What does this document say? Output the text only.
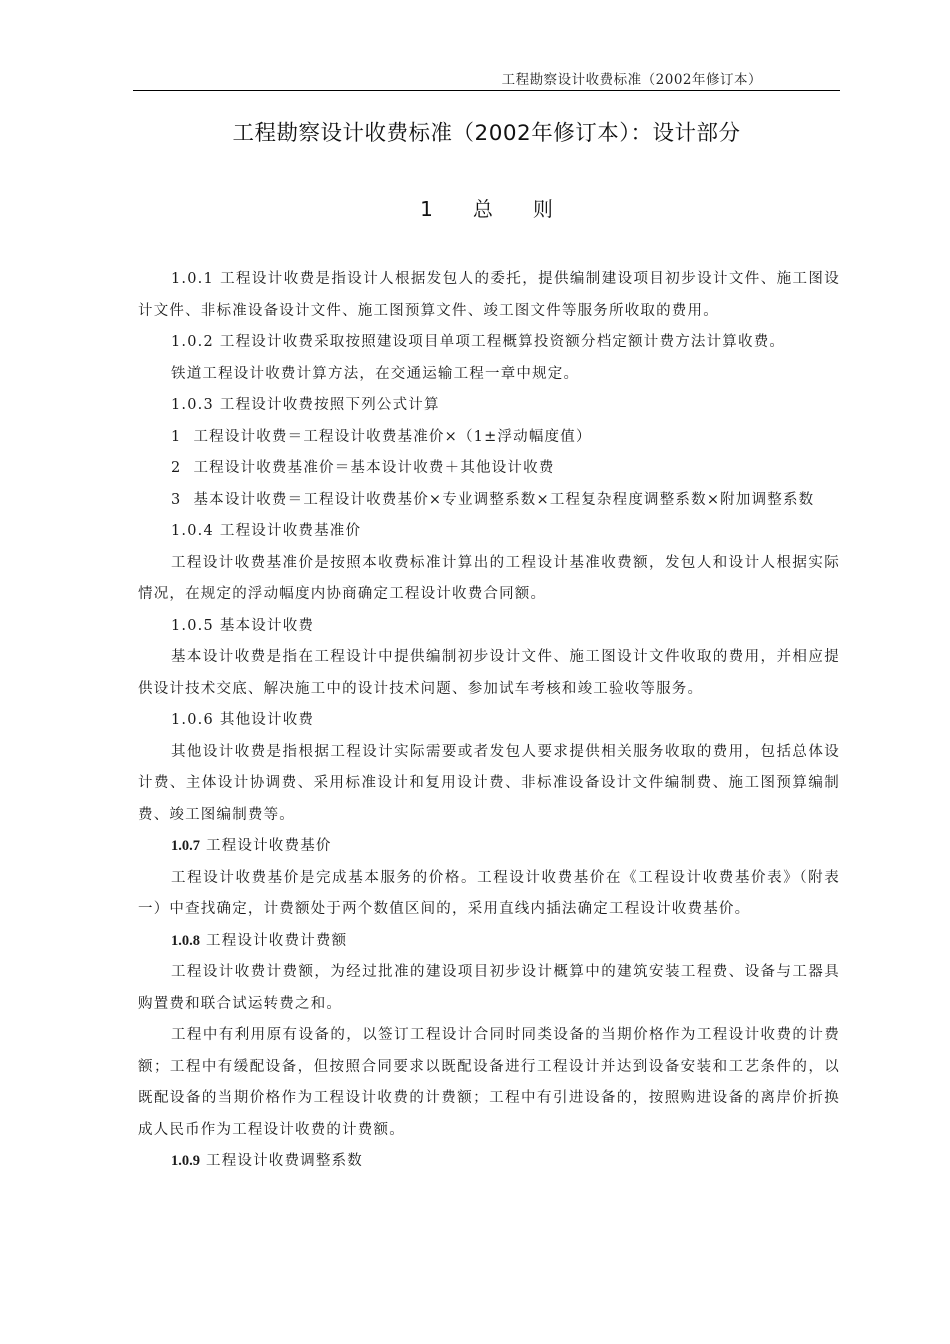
工程勘察设计收费标准（2002年修订本）
工程勘察设计收费标准（2002年修订本）：设计部分
1　　 总　　则

1.0.1 工程设计收费是指设计人根据发包人的委托，提供编制建设项目初步设计文件、施工图设计文件、非标准设备设计文件、施工图预算文件、竣工图文件等服务所收取的费用。

1.0.2 工程设计收费采取按照建设项目单项工程概算投资额分档定额计费方法计算收费。

铁道工程设计收费计算方法，在交通运输工程一章中规定。

1.0.3 工程设计收费按照下列公式计算

1 工程设计收费＝工程设计收费基准价×（1±浮动幅度值）

2 工程设计收费基准价＝基本设计收费＋其他设计收费

3 基本设计收费＝工程设计收费基价×专业调整系数×工程复杂程度调整系数×附加调整系数

1.0.4 工程设计收费基准价

工程设计收费基准价是按照本收费标准计算出的工程设计基准收费额，发包人和设计人根据实际情况，在规定的浮动幅度内协商确定工程设计收费合同额。

1.0.5 基本设计收费

基本设计收费是指在工程设计中提供编制初步设计文件、施工图设计文件收取的费用，并相应提供设计技术交底、解决施工中的设计技术问题、参加试车考核和竣工验收等服务。

1.0.6 其他设计收费

其他设计收费是指根据工程设计实际需要或者发包人要求提供相关服务收取的费用，包括总体设计费、主体设计协调费、采用标准设计和复用设计费、非标准设备设计文件编制费、施工图预算编制费、竣工图编制费等。

1.0.7 工程设计收费基价

工程设计收费基价是完成基本服务的价格。工程设计收费基价在《工程设计收费基价表》（附表一）中查找确定，计费额处于两个数值区间的，采用直线内插法确定工程设计收费基价。

1.0.8 工程设计收费计费额

工程设计收费计费额，为经过批准的建设项目初步设计概算中的建筑安装工程费、设备与工器具购置费和联合试运转费之和。

工程中有利用原有设备的，以签订工程设计合同时同类设备的当期价格作为工程设计收费的计费额；工程中有缓配设备，但按照合同要求以既配设备进行工程设计并达到设备安装和工艺条件的，以既配设备的当期价格作为工程设计收费的计费额；工程中有引进设备的，按照购进设备的离岸价折换成人民币作为工程设计收费的计费额。

1.0.9 工程设计收费调整系数
